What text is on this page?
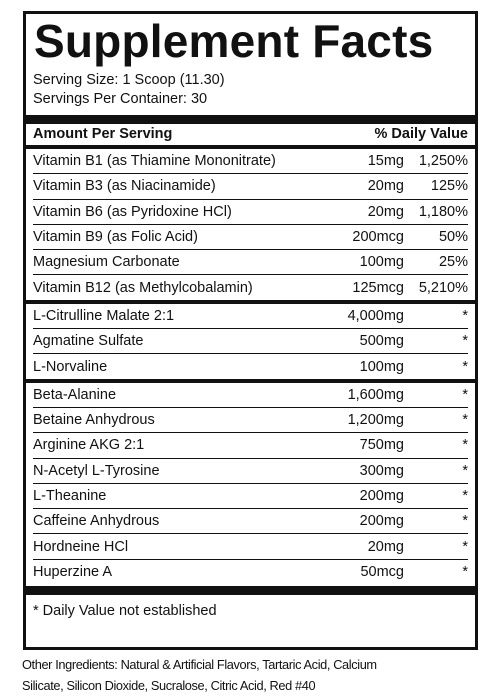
Supplement Facts
Serving Size: 1 Scoop (11.30)
Servings Per Container: 30
Amount Per Serving	% Daily Value
Vitamin B1 (as Thiamine Mononitrate)	15mg	1,250%
Vitamin B3 (as Niacinamide)	20mg	125%
Vitamin B6 (as Pyridoxine HCl)	20mg	1,180%
Vitamin B9 (as Folic Acid)	200mcg	50%
Magnesium Carbonate	100mg	25%
Vitamin B12 (as Methylcobalamin)	125mcg	5,210%
L-Citrulline Malate 2:1	4,000mg	*
Agmatine Sulfate	500mg	*
L-Norvaline	100mg	*
Beta-Alanine	1,600mg	*
Betaine Anhydrous	1,200mg	*
Arginine AKG 2:1	750mg	*
N-Acetyl L-Tyrosine	300mg	*
L-Theanine	200mg	*
Caffeine Anhydrous	200mg	*
Hordneine HCl	20mg	*
Huperzine A	50mcg	*
* Daily Value not established
Other Ingredients: Natural & Artificial Flavors, Tartaric Acid, Calcium
Silicate, Silicon Dioxide, Sucralose, Citric Acid, Red #40
